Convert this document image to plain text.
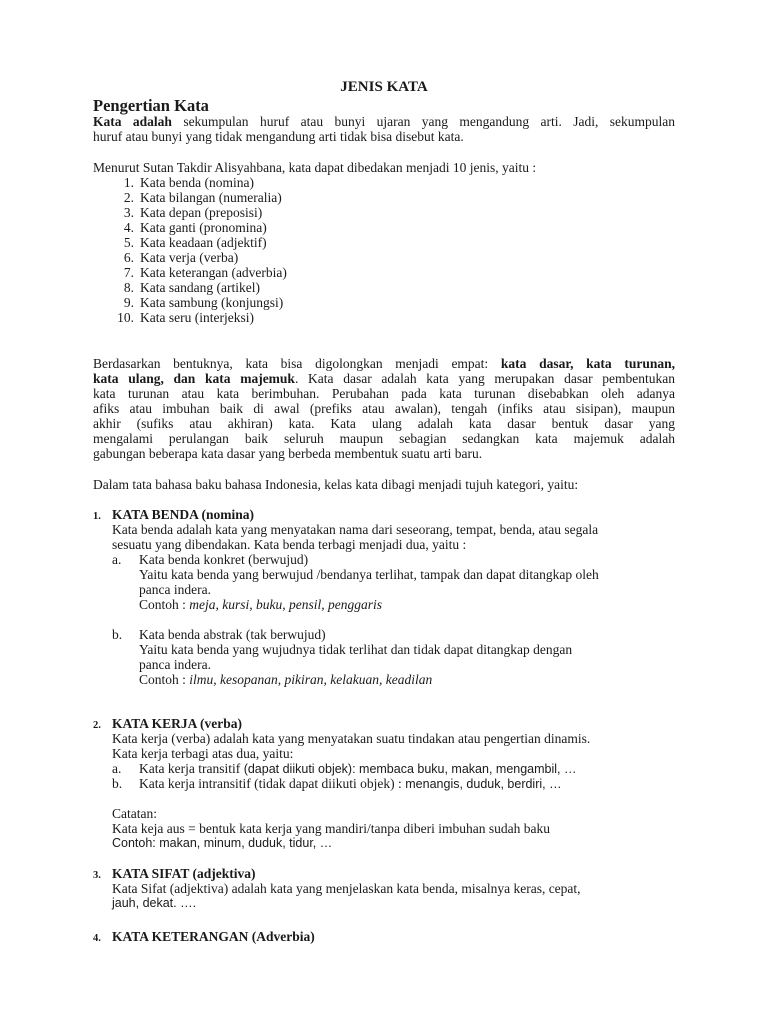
JENIS KATA
Pengertian Kata
Kata adalah sekumpulan huruf atau bunyi ujaran yang mengandung arti. Jadi, sekumpulan
huruf atau bunyi yang tidak mengandung arti tidak bisa disebut kata.
Menurut Sutan Takdir Alisyahbana, kata dapat dibedakan menjadi 10 jenis, yaitu :
1. Kata benda (nomina)
2. Kata bilangan (numeralia)
3. Kata depan (preposisi)
4. Kata ganti (pronomina)
5. Kata keadaan (adjektif)
6. Kata verja (verba)
7. Kata keterangan (adverbia)
8. Kata sandang (artikel)
9. Kata sambung (konjungsi)
10. Kata seru (interjeksi)
Berdasarkan bentuknya, kata bisa digolongkan menjadi empat: kata dasar, kata turunan,
kata ulang, dan kata majemuk. Kata dasar adalah kata yang merupakan dasar pembentukan
kata turunan atau kata berimbuhan. Perubahan pada kata turunan disebabkan oleh adanya
afiks atau imbuhan baik di awal (prefiks atau awalan), tengah (infiks atau sisipan), maupun
akhir (sufiks atau akhiran) kata. Kata ulang adalah kata dasar bentuk dasar yang
mengalami perulangan baik seluruh maupun sebagian sedangkan kata majemuk adalah
gabungan beberapa kata dasar yang berbeda membentuk suatu arti baru.
Dalam tata bahasa baku bahasa Indonesia, kelas kata dibagi menjadi tujuh kategori, yaitu:
1. KATA BENDA (nomina)
Kata benda adalah kata yang menyatakan nama dari seseorang, tempat, benda, atau segala
sesuatu yang dibendakan. Kata benda terbagi menjadi dua, yaitu :
a. Kata benda konkret (berwujud)
Yaitu kata benda yang berwujud /bendanya terlihat, tampak dan dapat ditangkap oleh
panca indera.
Contoh : meja, kursi, buku, pensil, penggaris
b. Kata benda abstrak (tak berwujud)
Yaitu kata benda yang wujudnya tidak terlihat dan tidak dapat ditangkap dengan
panca indera.
Contoh : ilmu, kesopanan, pikiran, kelakuan, keadilan
2. KATA KERJA (verba)
Kata kerja (verba) adalah kata yang menyatakan suatu tindakan atau pengertian dinamis.
Kata kerja terbagi atas dua, yaitu:
a. Kata kerja transitif (dapat diikuti objek): membaca buku, makan, mengambil, …
b. Kata kerja intransitif (tidak dapat diikuti objek) : menangis, duduk, berdiri, …
Catatan:
Kata keja aus = bentuk kata kerja yang mandiri/tanpa diberi imbuhan sudah baku
Contoh: makan, minum, duduk, tidur, …
3. KATA SIFAT (adjektiva)
Kata Sifat (adjektiva) adalah kata yang menjelaskan kata benda, misalnya keras, cepat,
jauh, dekat. ….
4. KATA KETERANGAN (Adverbia)
